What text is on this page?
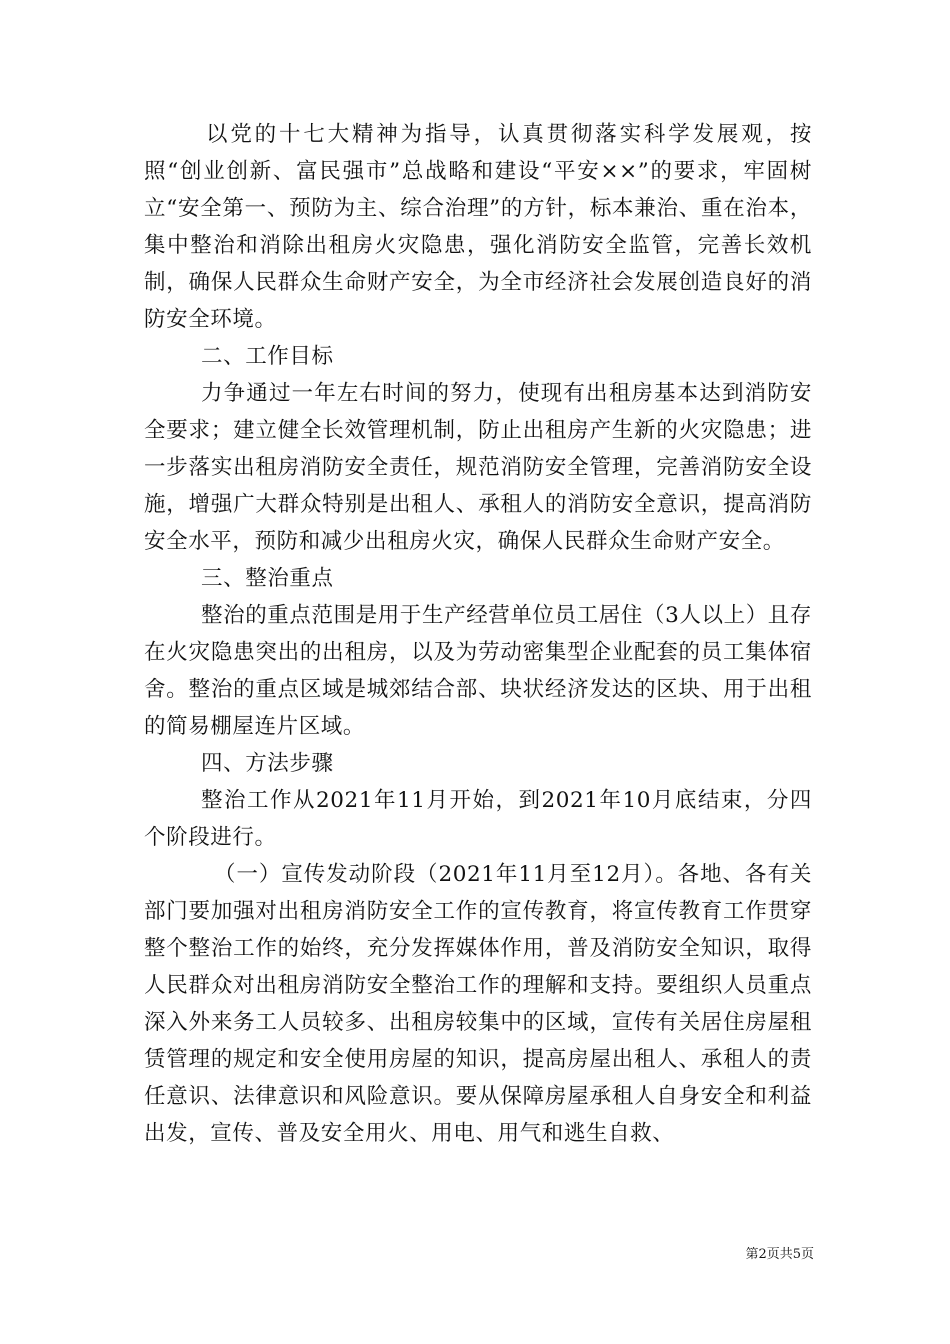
以党的十七大精神为指导，认真贯彻落实科学发展观，按照“创业创新、富民强市”总战略和建设“平安××”的要求，牢固树立“安全第一、预防为主、综合治理”的方针，标本兼治、重在治本，集中整治和消除出租房火灾隐患，强化消防安全监管，完善长效机制，确保人民群众生命财产安全，为全市经济社会发展创造良好的消防安全环境。

二、工作目标

力争通过一年左右时间的努力，使现有出租房基本达到消防安全要求；建立健全长效管理机制，防止出租房产生新的火灾隐患；进一步落实出租房消防安全责任，规范消防安全管理，完善消防安全设施，增强广大群众特别是出租人、承租人的消防安全意识，提高消防安全水平，预防和减少出租房火灾，确保人民群众生命财产安全。

三、整治重点

整治的重点范围是用于生产经营单位员工居住（3人以上）且存在火灾隐患突出的出租房，以及为劳动密集型企业配套的员工集体宿舍。整治的重点区域是城郊结合部、块状经济发达的区块、用于出租的简易棚屋连片区域。

四、方法步骤

整治工作从2021年11月开始，到2021年10月底结束，分四个阶段进行。

（一）宣传发动阶段（2021年11月至12月）。各地、各有关部门要加强对出租房消防安全工作的宣传教育，将宣传教育工作贯穿整个整治工作的始终，充分发挥媒体作用，普及消防安全知识，取得人民群众对出租房消防安全整治工作的理解和支持。要组织人员重点深入外来务工人员较多、出租房较集中的区域，宣传有关居住房屋租赁管理的规定和安全使用房屋的知识，提高房屋出租人、承租人的责任意识、法律意识和风险意识。要从保障房屋承租人自身安全和利益出发，宣传、普及安全用火、用电、用气和逃生自救、

第2页共5页
